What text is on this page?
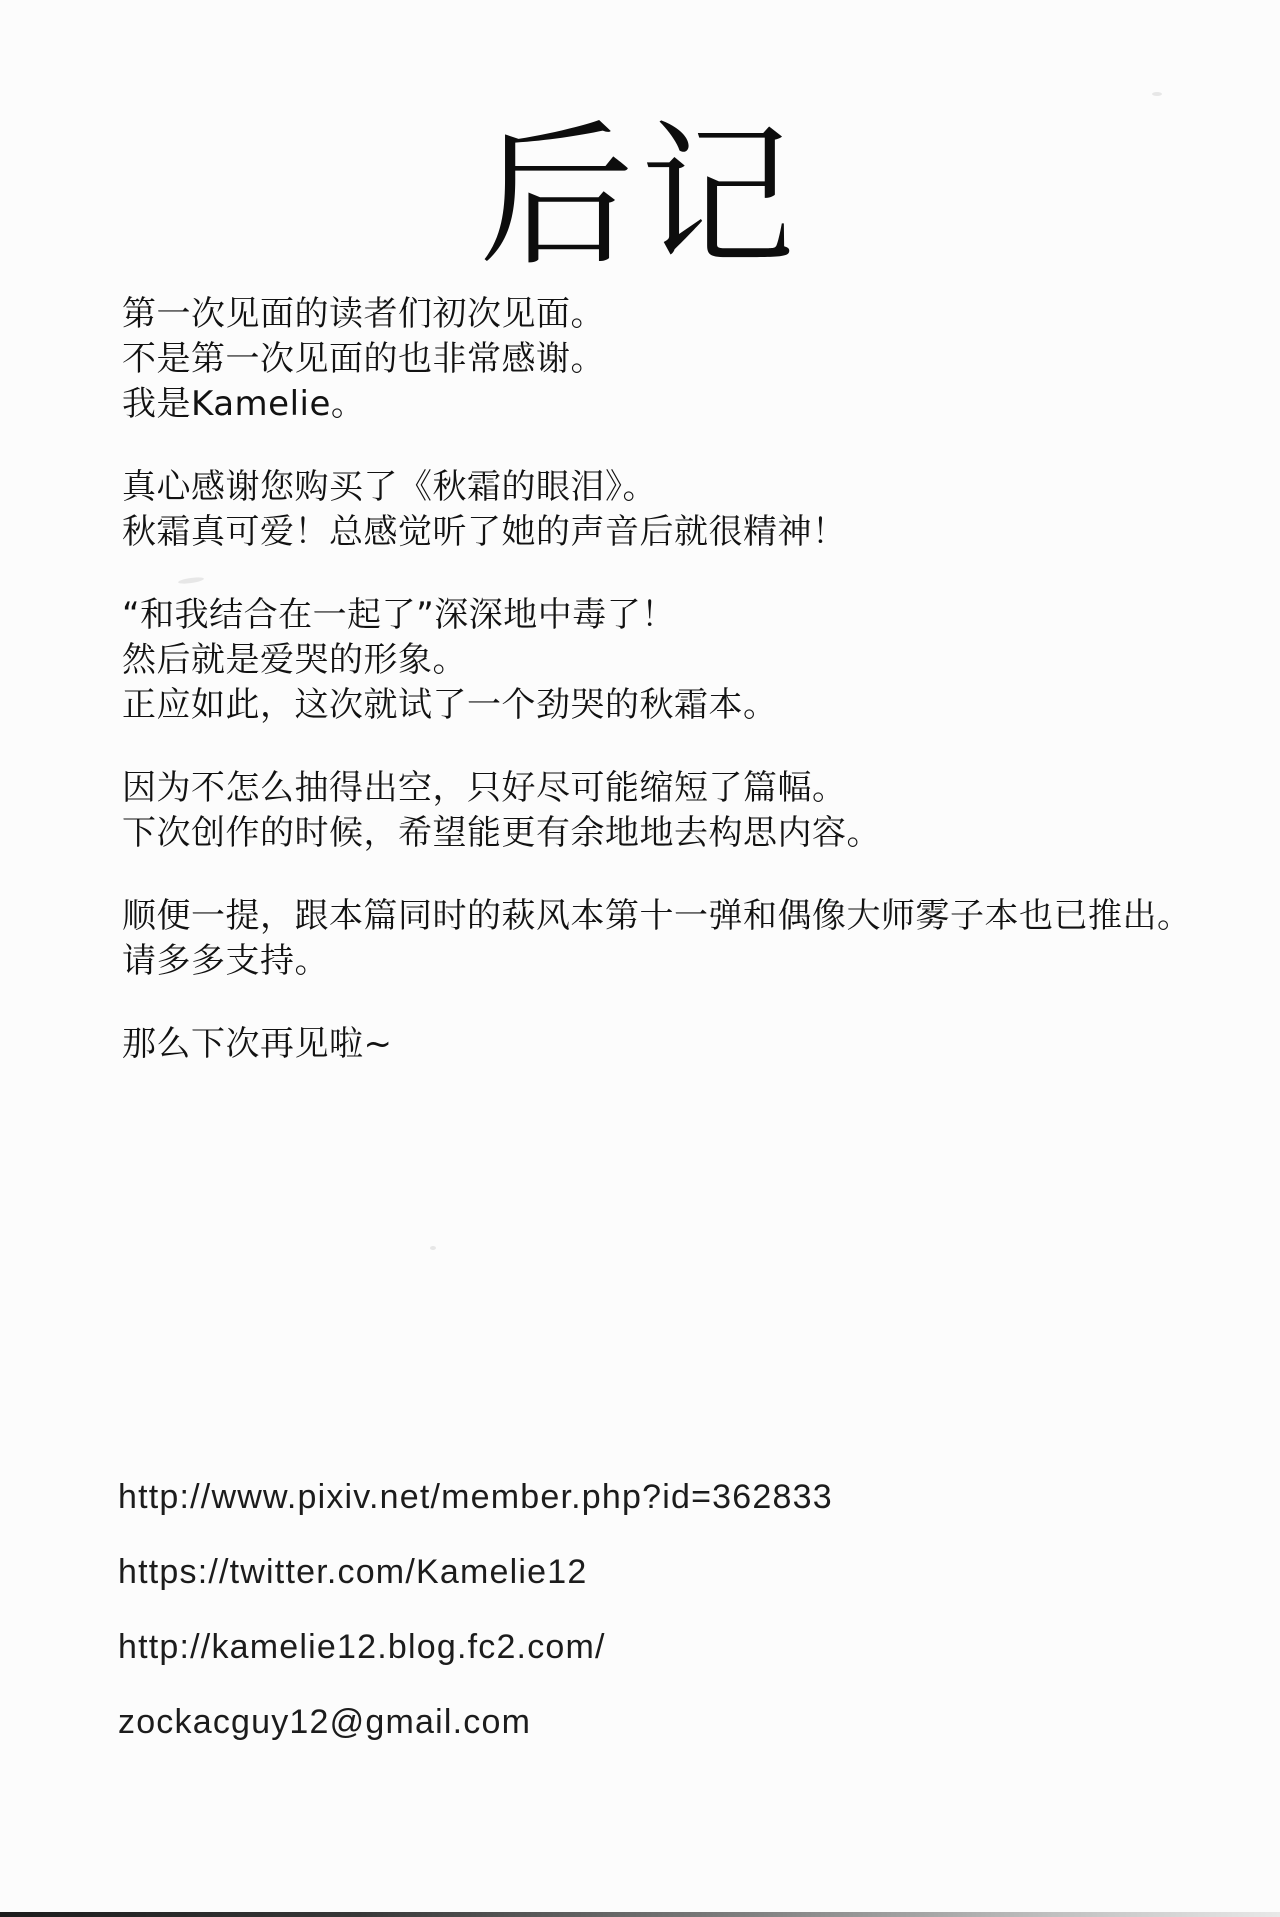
后记

第一次见面的读者们初次见面。
不是第一次见面的也非常感谢。
我是Kamelie。

真心感谢您购买了《秋霜的眼泪》。
秋霜真可爱！总感觉听了她的声音后就很精神！

“和我结合在一起了”深深地中毒了！
然后就是爱哭的形象。
正应如此，这次就试了一个劲哭的秋霜本。

因为不怎么抽得出空，只好尽可能缩短了篇幅。
下次创作的时候，希望能更有余地地去构思内容。

顺便一提，跟本篇同时的萩风本第十一弹和偶像大师雾子本也已推出。
请多多支持。

那么下次再见啦~

http://www.pixiv.net/member.php?id=362833
https://twitter.com/Kamelie12
http://kamelie12.blog.fc2.com/
zockacguy12@gmail.com
